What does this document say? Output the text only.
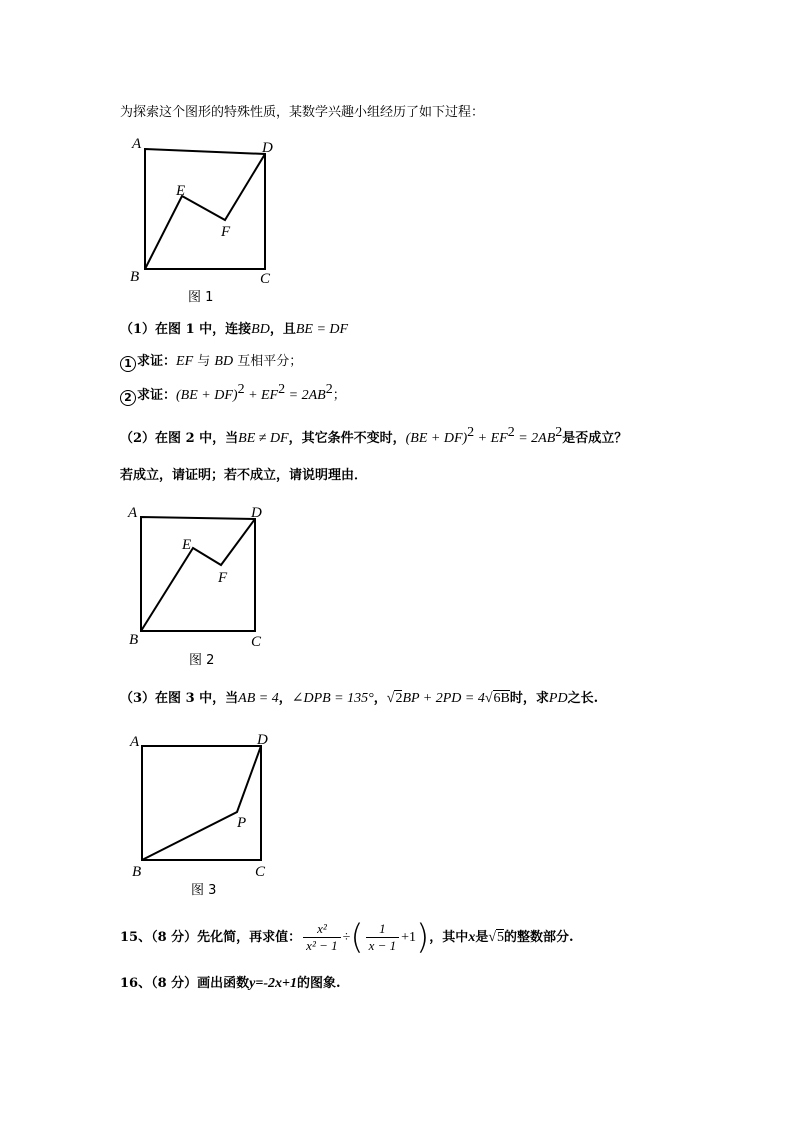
为探索这个图形的特殊性质，某数学兴趣小组经历了如下过程：
A	D
E
F
B	C
图 1
（1）在图 1 中，连接BD，且BE = DF
1 求证：EF 与 BD 互相平分；
2 求证：$(BE + DF)^2 + EF^2 = 2AB^2$；
（2）在图 2 中，当BE ≠ DF，其它条件不变时，$(BE + DF)^2 + EF^2 = 2AB^2$是否成立？
若成立，请证明；若不成立，请说明理由．
A	D
E
F
B	C
图 2
（3）在图 3 中，当AB = 4，∠DPB = 135°，√2BP + 2PD = 4√6B时，求PD之长.
A	D
P
B	C
图 3
15、（8 分）先化简，再求值： $\frac{\text{x²}}{\text{x² − 1}}$ ÷( $\frac{1}{x - 1} +1$)，其中x是√5的整数部分.
16、（8 分）画出函数y=-2x+1的图象.
